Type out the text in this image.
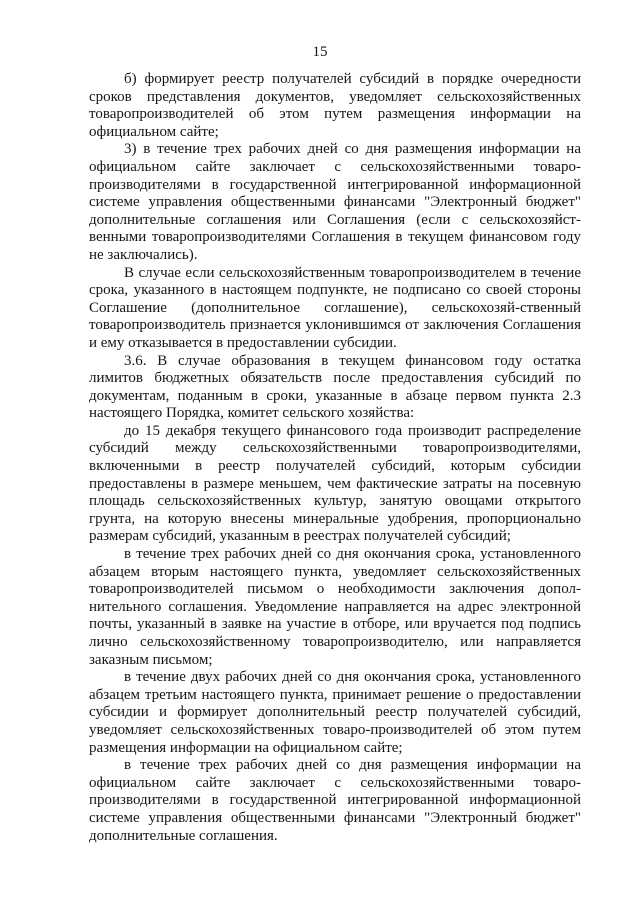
15

б) формирует реестр получателей субсидий в порядке очередности сроков представления документов, уведомляет сельскохозяйственных товаропроизводителей об этом путем размещения информации на официальном сайте;

3) в течение трех рабочих дней со дня размещения информации на официальном сайте заключает с сельскохозяйственными товаро-производителями в государственной интегрированной информационной системе управления общественными финансами "Электронный бюджет" дополнительные соглашения или Соглашения (если с сельскохозяйст-венными товаропроизводителями Соглашения в текущем финансовом году не заключались).

В случае если сельскохозяйственным товаропроизводителем в течение срока, указанного в настоящем подпункте, не подписано со своей стороны Соглашение (дополнительное соглашение), сельскохозяй-ственный товаропроизводитель признается уклонившимся от заключения Соглашения и ему отказывается в предоставлении субсидии.

3.6. В случае образования в текущем финансовом году остатка лимитов бюджетных обязательств после предоставления субсидий по документам, поданным в сроки, указанные в абзаце первом пункта 2.3 настоящего Порядка, комитет сельского хозяйства:

до 15 декабря текущего финансового года производит распределение субсидий между сельскохозяйственными товаропроизводителями, включенными в реестр получателей субсидий, которым субсидии предоставлены в размере меньшем, чем фактические затраты на посевную площадь сельскохозяйственных культур, занятую овощами открытого грунта, на которую внесены минеральные удобрения, пропорционально размерам субсидий, указанным в реестрах получателей субсидий;

в течение трех рабочих дней со дня окончания срока, установленного абзацем вторым настоящего пункта, уведомляет сельскохозяйственных товаропроизводителей письмом о необходимости заключения допол-нительного соглашения. Уведомление направляется на адрес электронной почты, указанный в заявке на участие в отборе, или вручается под подпись лично сельскохозяйственному товаропроизводителю, или направляется заказным письмом;

в течение двух рабочих дней со дня окончания срока, установленного абзацем третьим настоящего пункта, принимает решение о предоставлении субсидии и формирует дополнительный реестр получателей субсидий, уведомляет сельскохозяйственных товаро-производителей об этом путем размещения информации на официальном сайте;

в течение трех рабочих дней со дня размещения информации на официальном сайте заключает с сельскохозяйственными товаро-производителями в государственной интегрированной информационной системе управления общественными финансами "Электронный бюджет" дополнительные соглашения.
